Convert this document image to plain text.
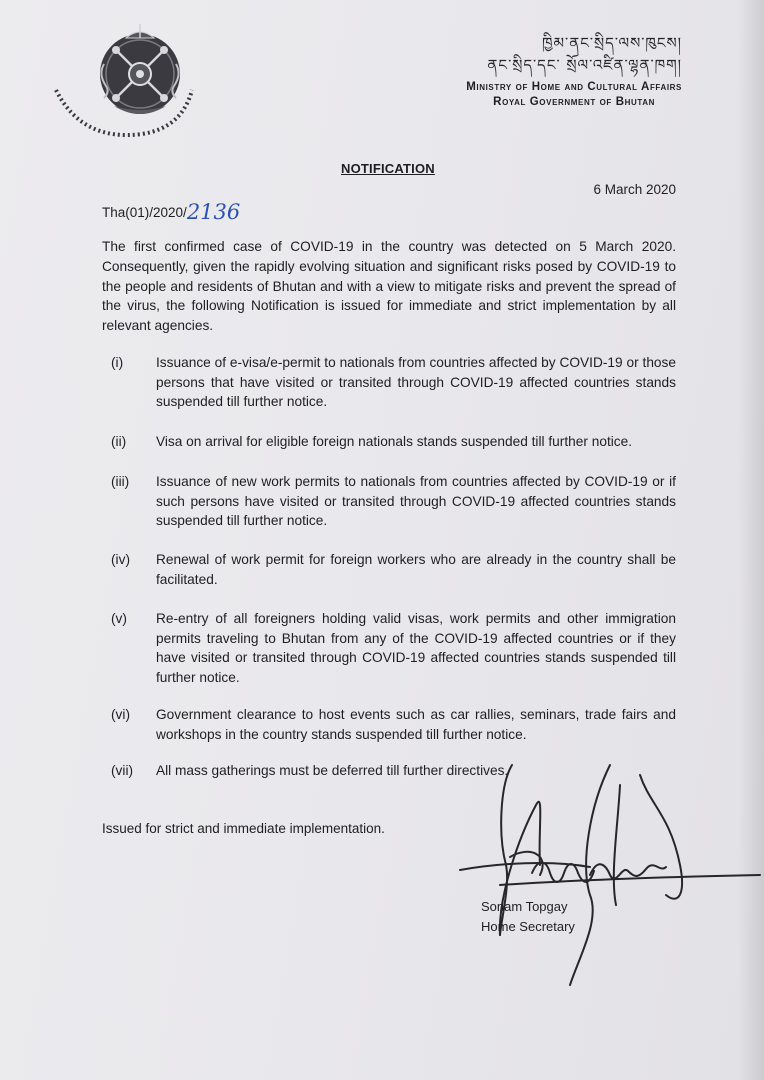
ཁྱིམ་ནང་སྲིད་ལས་ཁུངས།
ནང་སྲིད་དང་ སྲོལ་འཛིན་ལྷན་ཁག།
Ministry of Home and Cultural Affairs
Royal Government of Bhutan
NOTIFICATION
6 March 2020
Tha(01)/2020/2136
The first confirmed case of COVID-19 in the country was detected on 5 March 2020. Consequently, given the rapidly evolving situation and significant risks posed by COVID-19 to the people and residents of Bhutan and with a view to mitigate risks and prevent the spread of the virus, the following Notification is issued for immediate and strict implementation by all relevant agencies.
(i)	Issuance of e-visa/e-permit to nationals from countries affected by COVID-19 or those persons that have visited or transited through COVID-19 affected countries stands suspended till further notice.
(ii)	Visa on arrival for eligible foreign nationals stands suspended till further notice.
(iii)	Issuance of new work permits to nationals from countries affected by COVID-19 or if such persons have visited or transited through COVID-19 affected countries stands suspended till further notice.
(iv)	Renewal of work permit for foreign workers who are already in the country shall be facilitated.
(v)	Re-entry of all foreigners holding valid visas, work permits and other immigration permits traveling to Bhutan from any of the COVID-19 affected countries or if they have visited or transited through COVID-19 affected countries stands suspended till further notice.
(vi)	Government clearance to host events such as car rallies, seminars, trade fairs and workshops in the country stands suspended till further notice.
(vii)	All mass gatherings must be deferred till further directives.
Issued for strict and immediate implementation.
Sonam Topgay
Home Secretary
